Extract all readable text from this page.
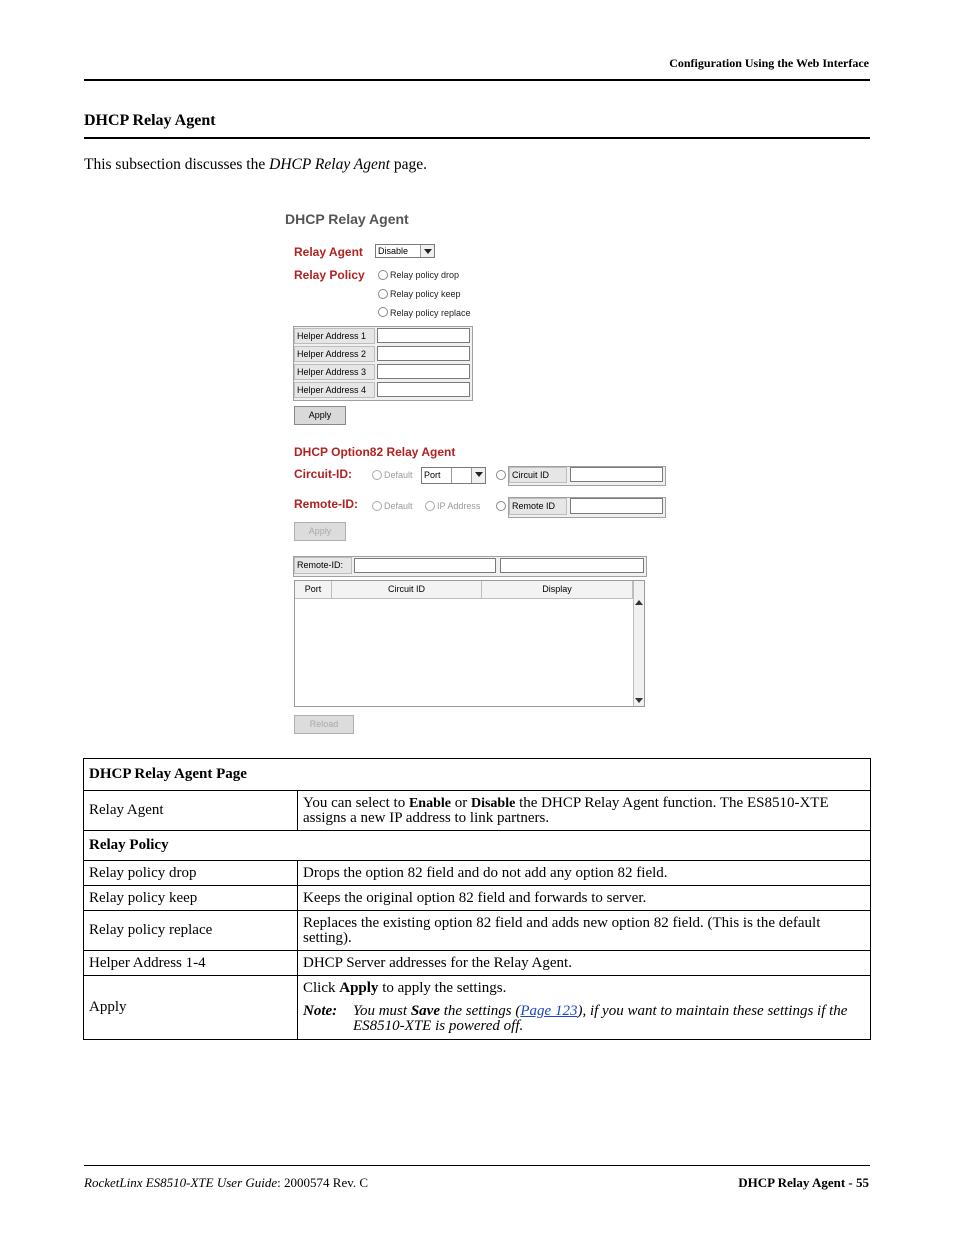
Configuration Using the Web Interface
DHCP Relay Agent
This subsection discusses the DHCP Relay Agent page.
DHCP Relay Agent
Relay Agent Disable
Relay Policy	Relay policy drop
Relay policy keep
Relay policy replace
Helper Address 1
Helper Address 2
Helper Address 3
Helper Address 4
Apply
DHCP Option82 Relay Agent
Circuit-ID:	Default Port	Circuit ID
Remote-ID:	Default	IP Address	Remote ID
Apply
Remote-ID:
Port	Circuit ID	Display
Reload
DHCP Relay Agent Page	
Relay Agent	You can select to Enable or Disable the DHCP Relay Agent function. The ES8510-XTE assigns a new IP address to link partners.
Relay Policy	
Relay policy drop	Drops the option 82 field and do not add any option 82 field.
Relay policy keep	Keeps the original option 82 field and forwards to server.
Relay policy replace	Replaces the existing option 82 field and adds new option 82 field. (This is the default setting).
Helper Address 1-4	DHCP Server addresses for the Relay Agent.
Apply	Click Apply to apply the settings.
Note: You must Save the settings (Page 123), if you want to maintain these settings if the ES8510-XTE is powered off.
RocketLinx ES8510-XTE User Guide: 2000574 Rev. C	DHCP Relay Agent - 55
